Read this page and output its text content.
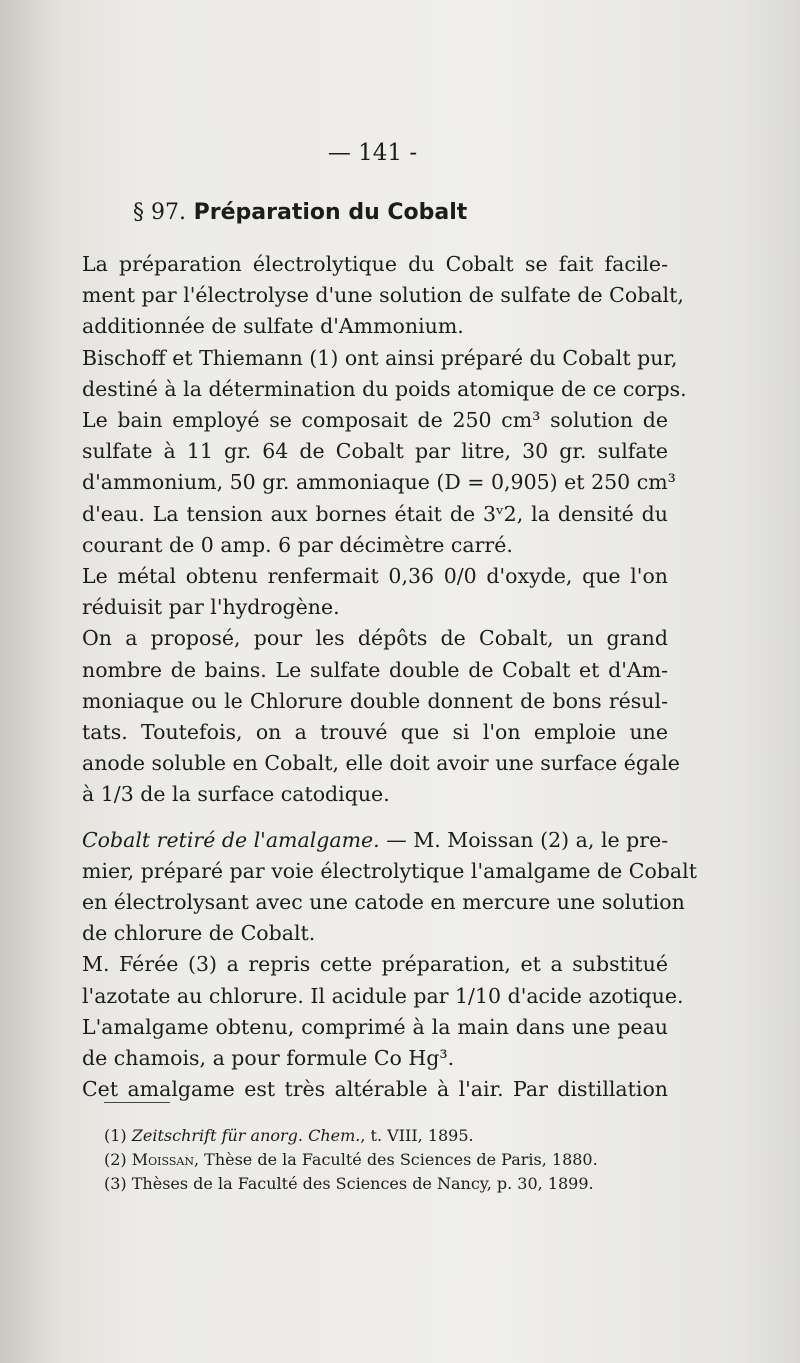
— 141 -
§ 97. Préparation du Cobalt
La préparation électrolytique du Cobalt se fait facile-
ment par l'électrolyse d'une solution de sulfate de Cobalt,
additionnée de sulfate d'Ammonium.
Bischoff et Thiemann (1) ont ainsi préparé du Cobalt pur,
destiné à la détermination du poids atomique de ce corps.
Le bain employé se composait de 250 cm³ solution de
sulfate à 11 gr. 64 de Cobalt par litre, 30 gr. sulfate
d'ammonium, 50 gr. ammoniaque (D = 0,905) et 250 cm³
d'eau. La tension aux bornes était de 3ᵛ2, la densité du
courant de 0 amp. 6 par décimètre carré.
Le métal obtenu renfermait 0,36 0/0 d'oxyde, que l'on
réduisit par l'hydrogène.
On a proposé, pour les dépôts de Cobalt, un grand
nombre de bains. Le sulfate double de Cobalt et d'Am-
moniaque ou le Chlorure double donnent de bons résul-
tats. Toutefois, on a trouvé que si l'on emploie une
anode soluble en Cobalt, elle doit avoir une surface égale
à 1/3 de la surface catodique.
Cobalt retiré de l'amalgame. — M. Moissan (2) a, le pre-
mier, préparé par voie électrolytique l'amalgame de Cobalt
en électrolysant avec une catode en mercure une solution
de chlorure de Cobalt.
M. Férée (3) a repris cette préparation, et a substitué
l'azotate au chlorure. Il acidule par 1/10 d'acide azotique.
L'amalgame obtenu, comprimé à la main dans une peau
de chamois, a pour formule Co Hg³.
Cet amalgame est très altérable à l'air. Par distillation
(1) Zeitschrift für anorg. Chem., t. VIII, 1895.
(2) Moissan, Thèse de la Faculté des Sciences de Paris, 1880.
(3) Thèses de la Faculté des Sciences de Nancy, p. 30, 1899.
